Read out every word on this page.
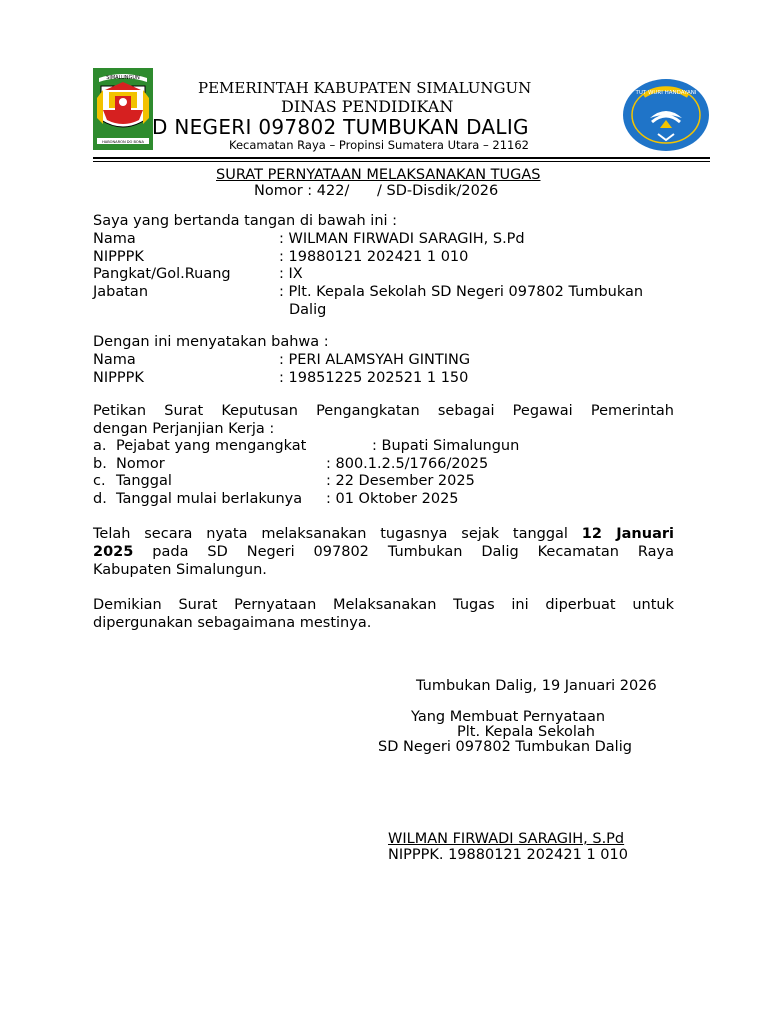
SIMALUNGUN
HABONARON DO BONA
TUT WURI HANDAYANI
PEMERINTAH KABUPATEN SIMALUNGUN
DINAS PENDIDIKAN
D NEGERI 097802 TUMBUKAN DALIG
Kecamatan Raya – Propinsi Sumatera Utara – 21162
SURAT PERNYATAAN MELAKSANAKAN TUGAS
Nomor : 422/      / SD-Disdik/2026
Saya yang bertanda tangan di bawah ini :
Nama	: WILMAN FIRWADI SARAGIH, S.Pd
NIPPPK	: 19880121 202421 1 010
Pangkat/Gol.Ruang	: IX
Jabatan	: Plt. Kepala Sekolah SD Negeri 097802 Tumbukan
Dalig
Dengan ini menyatakan bahwa :
Nama	: PERI ALAMSYAH GINTING
NIPPPK	: 19851225 202521 1 150
Petikan Surat Keputusan Pengangkatan sebagai Pegawai Pemerintah
dengan Perjanjian Kerja :
a. Pejabat yang mengangkat	: Bupati Simalungun
b. Nomor	: 800.1.2.5/1766/2025
c. Tanggal	: 22 Desember 2025
d. Tanggal mulai berlakunya : 01 Oktober 2025
Telah secara nyata melaksanakan tugasnya sejak tanggal 12 Januari
2025 pada SD Negeri 097802 Tumbukan Dalig Kecamatan Raya
Kabupaten Simalungun.
Demikian Surat Pernyataan Melaksanakan Tugas ini diperbuat untuk
dipergunakan sebagaimana mestinya.
Tumbukan Dalig, 19 Januari 2026
Yang Membuat Pernyataan
Plt. Kepala Sekolah
SD Negeri 097802 Tumbukan Dalig
WILMAN FIRWADI SARAGIH, S.Pd
NIPPPK. 19880121 202421 1 010
